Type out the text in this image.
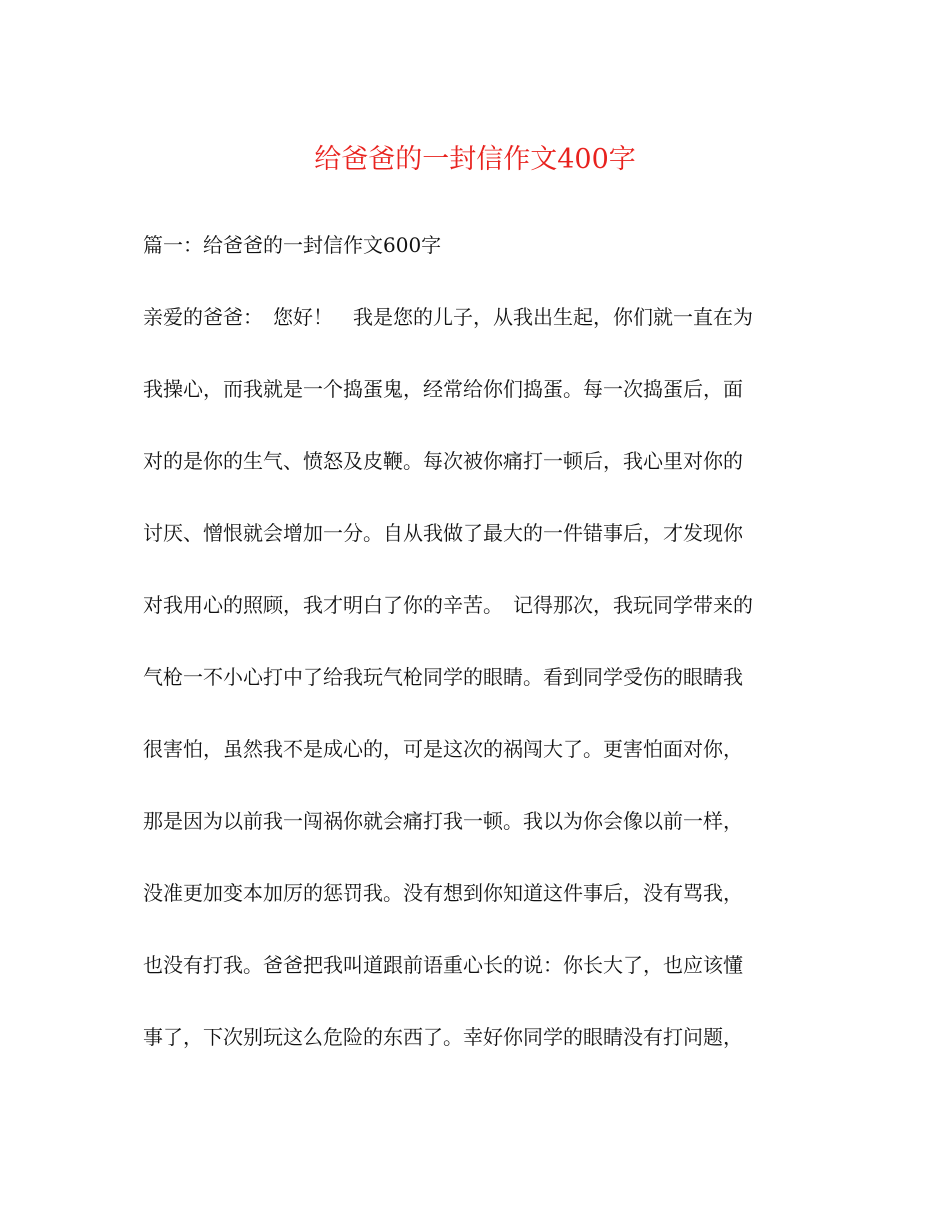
给爸爸的一封信作文400字
篇一：给爸爸的一封信作文600字
亲爱的爸爸：　您好！　我是您的儿子，从我出生起，你们就一直在为
我操心，而我就是一个捣蛋鬼，经常给你们捣蛋。每一次捣蛋后，面
对的是你的生气、愤怒及皮鞭。每次被你痛打一顿后，我心里对你的
讨厌、憎恨就会增加一分。自从我做了最大的一件错事后，才发现你
对我用心的照顾，我才明白了你的辛苦。　记得那次，我玩同学带来的
气枪一不小心打中了给我玩气枪同学的眼睛。看到同学受伤的眼睛我
很害怕，虽然我不是成心的，可是这次的祸闯大了。更害怕面对你，
那是因为以前我一闯祸你就会痛打我一顿。我以为你会像以前一样，
没准更加变本加厉的惩罚我。没有想到你知道这件事后，没有骂我，
也没有打我。爸爸把我叫道跟前语重心长的说：你长大了，也应该懂
事了，下次别玩这么危险的东西了。幸好你同学的眼睛没有打问题，
